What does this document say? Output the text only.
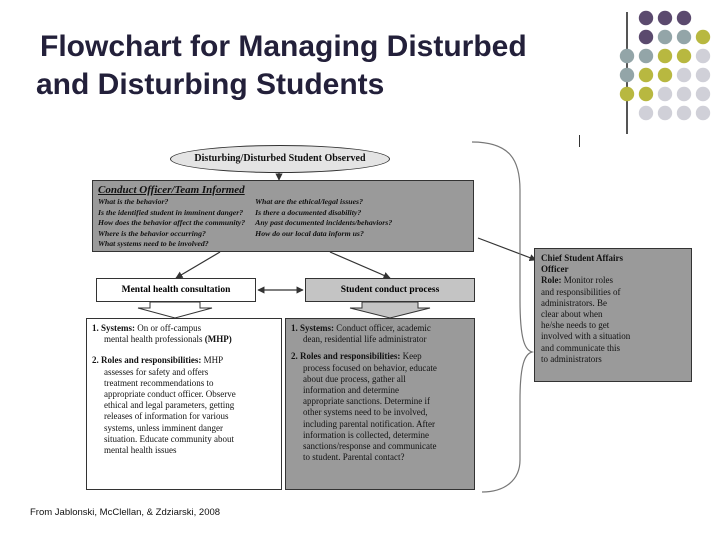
Flowchart for Managing Disturbed
and Disturbing Students
Disturbing/Disturbed Student Observed
Conduct Officer/Team Informed
What is the behavior?
Is the identified student in imminent danger?
How does the behavior affect the community?
Where is the behavior occurring?
What systems need to be involved?
What are the ethical/legal issues?
Is there a documented disability?
Any past documented incidents/behaviors?
How do our local data inform us?
Mental health consultation	Student conduct process
1. Systems: On or off-campus
mental health professionals (MHP)
2. Roles and responsibilities: MHP
assesses for safety and offers
treatment recommendations to
appropriate conduct officer. Observe
ethical and legal parameters, getting
releases of information for various
systems, unless imminent danger
situation. Educate community about
mental health issues
1. Systems: Conduct officer, academic
dean, residential life administrator
2. Roles and responsibilities: Keep
process focused on behavior, educate
about due process, gather all
information and determine
appropriate sanctions. Determine if
other systems need to be involved,
including parental notification. After
information is collected, determine
sanctions/response and communicate
to student. Parental contact?
Chief Student Affairs
Officer
Role: Monitor roles
and responsibilities of
administrators. Be
clear about when
he/she needs to get
involved with a situation
and communicate this
to administrators
From Jablonski, McClellan, & Zdziarski, 2008
